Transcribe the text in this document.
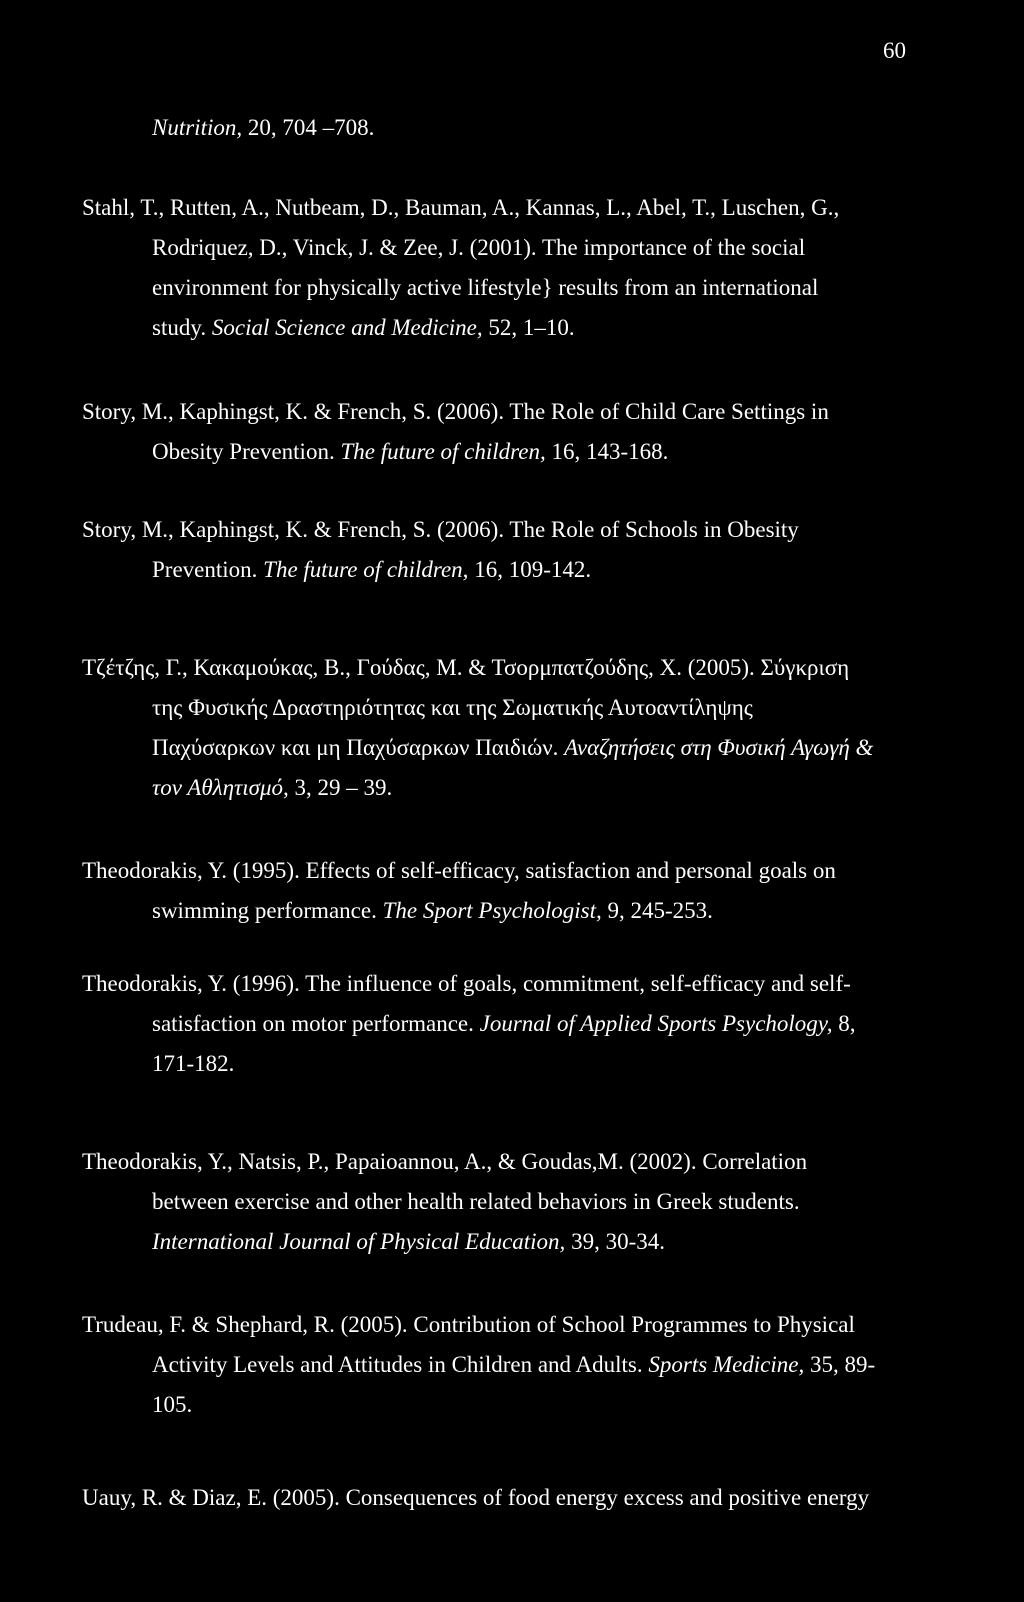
60
Nutrition, 20, 704 –708.
Stahl, T., Rutten, A., Nutbeam, D., Bauman, A., Kannas, L., Abel, T., Luschen, G.,
Rodriquez, D., Vinck, J. & Zee, J. (2001). The importance of the social
environment for physically active lifestyle} results from an international
study. Social Science and Medicine, 52, 1–10.
Story, M., Kaphingst, K. & French, S. (2006). The Role of Child Care Settings in
Obesity Prevention. The future of children, 16, 143-168.
Story, M., Kaphingst, K. & French, S. (2006). The Role of Schools in Obesity
Prevention. The future of children, 16, 109-142.
Τζέτζης, Γ., Κακαμούκας, Β., Γούδας, Μ. & Τσορμπατζούδης, Χ. (2005). Σύγκριση
της Φυσικής Δραστηριότητας και της Σωματικής Αυτοαντίληψης
Παχύσαρκων και μη Παχύσαρκων Παιδιών. Αναζητήσεις στη Φυσική Αγωγή &
τον Αθλητισμό, 3, 29 – 39.
Theodorakis, Y. (1995). Effects of self-efficacy, satisfaction and personal goals on
swimming performance. The Sport Psychologist, 9, 245-253.
Theodorakis, Y. (1996). The influence of goals, commitment, self-efficacy and self-
satisfaction on motor performance. Journal of Applied Sports Psychology, 8,
171-182.
Theodorakis, Y., Natsis, P., Papaioannou, A., & Goudas,M. (2002). Correlation
between exercise and other health related behaviors in Greek students.
International Journal of Physical Education, 39, 30-34.
Trudeau, F. & Shephard, R. (2005). Contribution of School Programmes to Physical
Activity Levels and Attitudes in Children and Adults. Sports Medicine, 35, 89-
105.
Uauy, R. & Diaz, E. (2005). Consequences of food energy excess and positive energy
